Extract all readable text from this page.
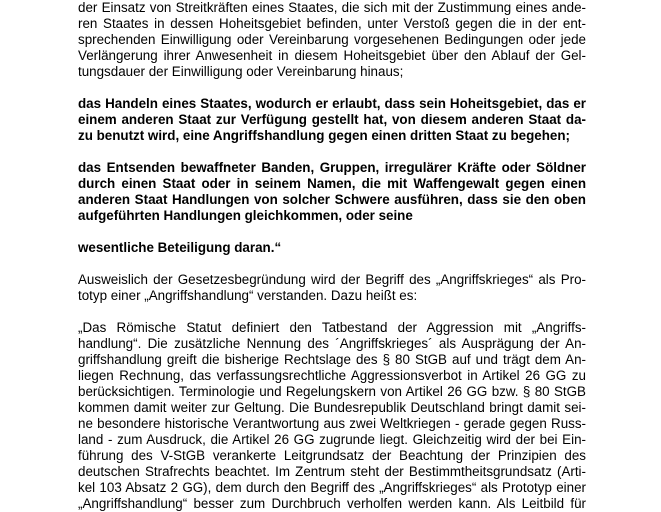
der Einsatz von Streitkräften eines Staates, die sich mit der Zustimmung eines ande-
ren Staates in dessen Hoheitsgebiet befinden, unter Verstoß gegen die in der ent-
sprechenden Einwilligung oder Vereinbarung vorgesehenen Bedingungen oder jede
Verlängerung ihrer Anwesenheit in diesem Hoheitsgebiet über den Ablauf der Gel-
tungsdauer der Einwilligung oder Vereinbarung hinaus;
das Handeln eines Staates, wodurch er erlaubt, dass sein Hoheitsgebiet, das er
einem anderen Staat zur Verfügung gestellt hat, von diesem anderen Staat da-
zu benutzt wird, eine Angriffshandlung gegen einen dritten Staat zu begehen;
das Entsenden bewaffneter Banden, Gruppen, irregulärer Kräfte oder Söldner
durch einen Staat oder in seinem Namen, die mit Waffengewalt gegen einen
anderen Staat Handlungen von solcher Schwere ausführen, dass sie den oben
aufgeführten Handlungen gleichkommen, oder seine
wesentliche Beteiligung daran.“
Ausweislich der Gesetzesbegründung wird der Begriff des „Angriffskrieges“ als Pro-
totyp einer „Angriffshandlung“ verstanden. Dazu heißt es:
„Das Römische Statut definiert den Tatbestand der Aggression mit „Angriffs-
handlung“. Die zusätzliche Nennung des ´Angriffskrieges´ als Ausprägung der An-
griffshandlung greift die bisherige Rechtslage des § 80 StGB auf und trägt dem An-
liegen Rechnung, das verfassungsrechtliche Aggressionsverbot in Artikel 26 GG zu
berücksichtigen. Terminologie und Regelungskern von Artikel 26 GG bzw. § 80 StGB
kommen damit weiter zur Geltung. Die Bundesrepublik Deutschland bringt damit sei-
ne besondere historische Verantwortung aus zwei Weltkriegen - gerade gegen Russ-
land - zum Ausdruck, die Artikel 26 GG zugrunde liegt. Gleichzeitig wird der bei Ein-
führung des V-StGB verankerte Leitgrundsatz der Beachtung der Prinzipien des
deutschen Strafrechts beachtet. Im Zentrum steht der Bestimmtheitsgrundsatz (Arti-
kel 103 Absatz 2 GG), dem durch den Begriff des „Angriffskrieges“ als Prototyp einer
„Angriffshandlung“ besser zum Durchbruch verholfen werden kann. Als Leitbild für
